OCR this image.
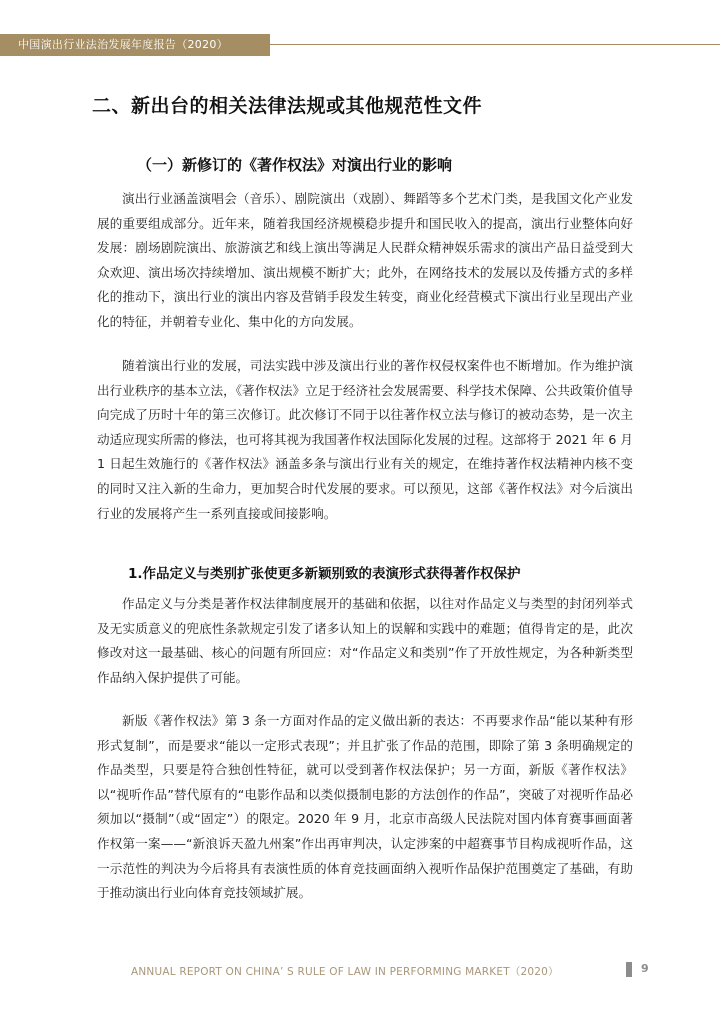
中国演出行业法治发展年度报告（2020）
二、新出台的相关法律法规或其他规范性文件
（一）新修订的《著作权法》对演出行业的影响

演出行业涵盖演唱会（音乐）、剧院演出（戏剧）、舞蹈等多个艺术门类，是我国文化产业发展的重要组成部分。近年来，随着我国经济规模稳步提升和国民收入的提高，演出行业整体向好发展：剧场剧院演出、旅游演艺和线上演出等满足人民群众精神娱乐需求的演出产品日益受到大众欢迎、演出场次持续增加、演出规模不断扩大；此外，在网络技术的发展以及传播方式的多样化的推动下，演出行业的演出内容及营销手段发生转变，商业化经营模式下演出行业呈现出产业化的特征，并朝着专业化、集中化的方向发展。

随着演出行业的发展，司法实践中涉及演出行业的著作权侵权案件也不断增加。作为维护演出行业秩序的基本立法，《著作权法》立足于经济社会发展需要、科学技术保障、公共政策价值导向完成了历时十年的第三次修订。此次修订不同于以往著作权立法与修订的被动态势，是一次主动适应现实所需的修法，也可将其视为我国著作权法国际化发展的过程。这部将于 2021 年 6 月 1 日起生效施行的《著作权法》涵盖多条与演出行业有关的规定，在维持著作权法精神内核不变的同时又注入新的生命力，更加契合时代发展的要求。可以预见，这部《著作权法》对今后演出行业的发展将产生一系列直接或间接影响。

1.作品定义与类别扩张使更多新颖别致的表演形式获得著作权保护

作品定义与分类是著作权法律制度展开的基础和依据，以往对作品定义与类型的封闭列举式及无实质意义的兜底性条款规定引发了诸多认知上的误解和实践中的难题；值得肯定的是，此次修改对这一最基础、核心的问题有所回应：对“作品定义和类别”作了开放性规定，为各种新类型作品纳入保护提供了可能。

新版《著作权法》第 3 条一方面对作品的定义做出新的表达：不再要求作品“能以某种有形形式复制”，而是要求“能以一定形式表现”；并且扩张了作品的范围，即除了第 3 条明确规定的作品类型，只要是符合独创性特征，就可以受到著作权法保护；另一方面，新版《著作权法》以“视听作品”替代原有的“电影作品和以类似摄制电影的方法创作的作品”，突破了对视听作品必须加以“摄制”（或“固定”）的限定。2020 年 9 月，北京市高级人民法院对国内体育赛事画面著作权第一案——“新浪诉天盈九州案”作出再审判决，认定涉案的中超赛事节目构成视听作品，这一示范性的判决为今后将具有表演性质的体育竞技画面纳入视听作品保护范围奠定了基础，有助于推动演出行业向体育竞技领域扩展。

ANNUAL REPORT ON CHINA’ S RULE OF LAW IN PERFORMING MARKET（2020）	9
